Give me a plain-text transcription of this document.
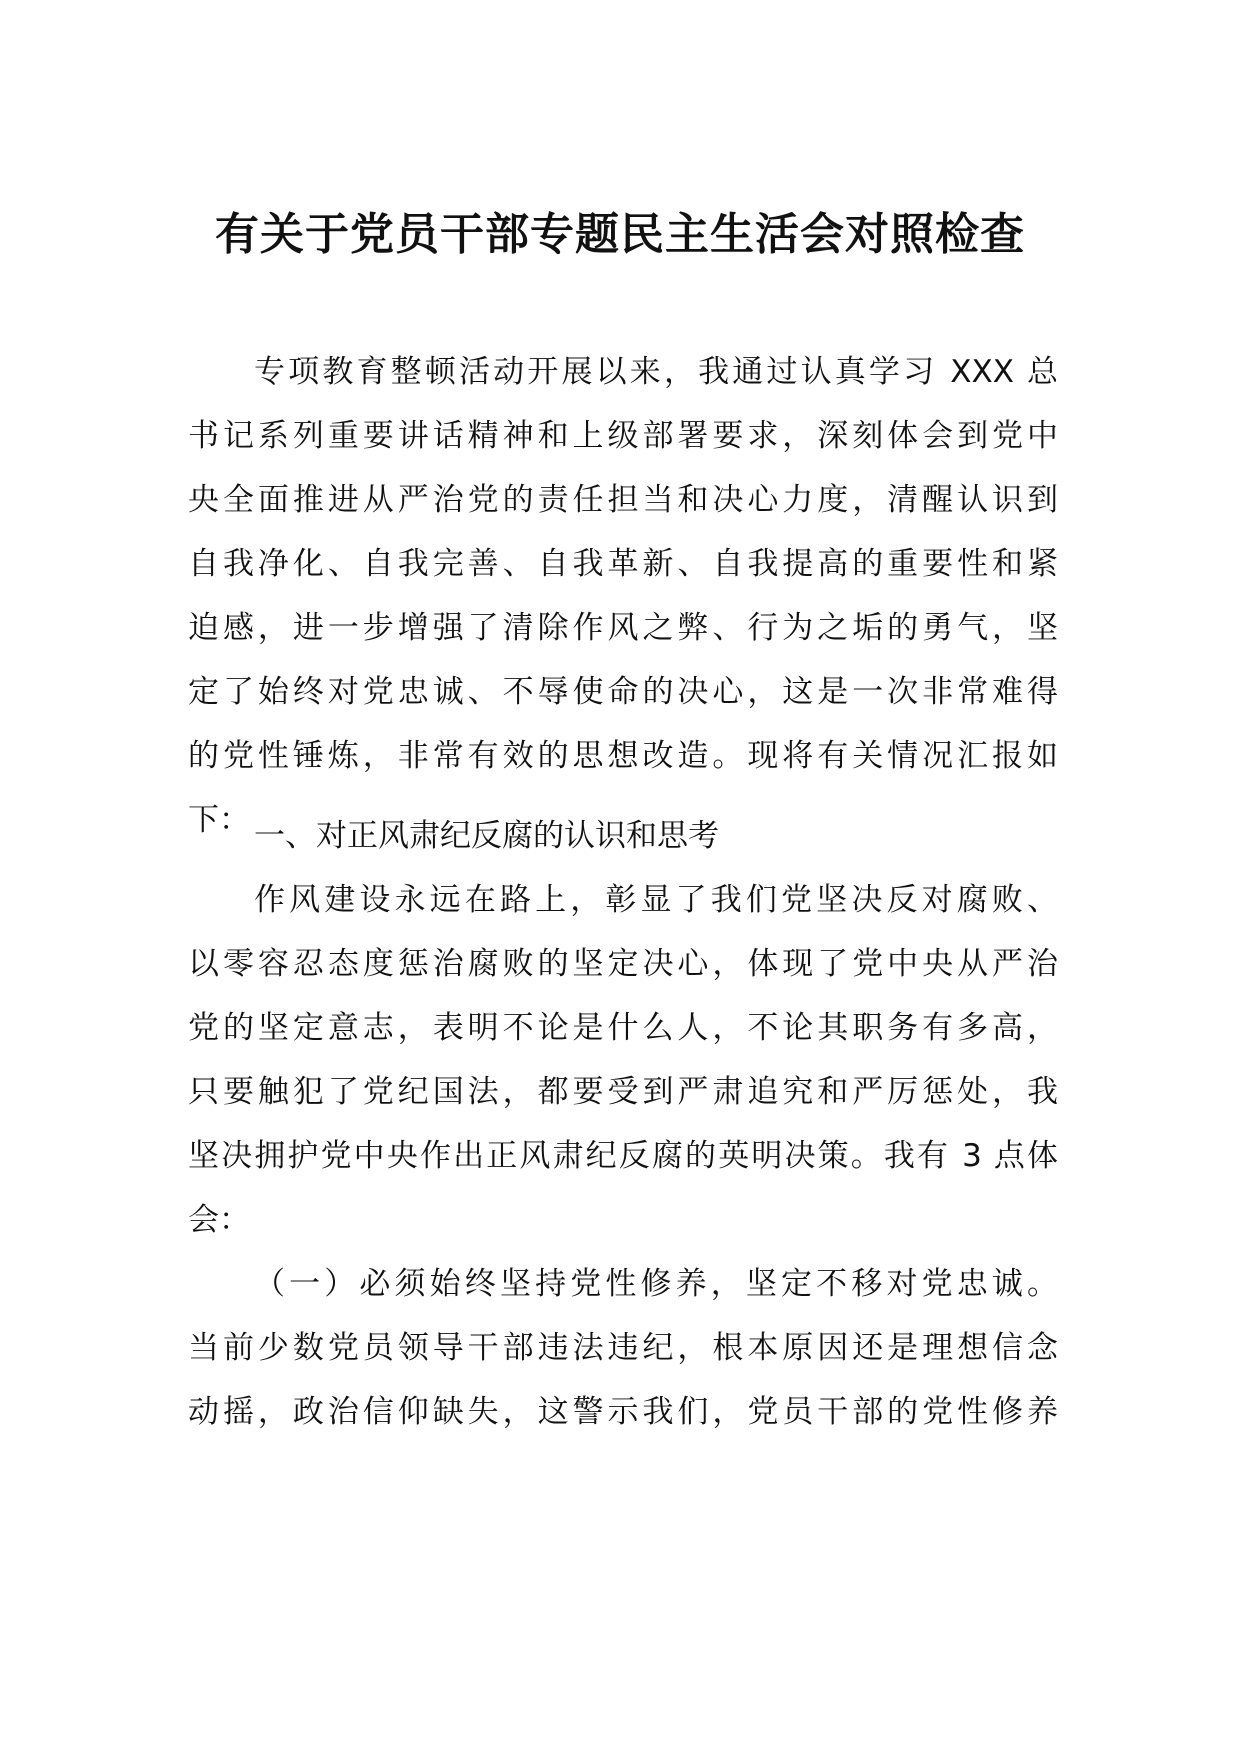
有关于党员干部专题民主生活会对照检查
专项教育整顿活动开展以来，我通过认真学习 XXX 总
书记系列重要讲话精神和上级部署要求，深刻体会到党中
央全面推进从严治党的责任担当和决心力度，清醒认识到
自我净化、自我完善、自我革新、自我提高的重要性和紧
迫感，进一步增强了清除作风之弊、行为之垢的勇气，坚
定了始终对党忠诚、不辱使命的决心，这是一次非常难得
的党性锤炼，非常有效的思想改造。现将有关情况汇报如
下： 一、对正风肃纪反腐的认识和思考
作风建设永远在路上，彰显了我们党坚决反对腐败、
以零容忍态度惩治腐败的坚定决心，体现了党中央从严治
党的坚定意志，表明不论是什么人，不论其职务有多高，
只要触犯了党纪国法，都要受到严肃追究和严厉惩处，我
坚决拥护党中央作出正风肃纪反腐的英明决策。我有 3 点体
会：
（一）必须始终坚持党性修养，坚定不移对党忠诚。
当前少数党员领导干部违法违纪，根本原因还是理想信念
动摇，政治信仰缺失，这警示我们，党员干部的党性修养
